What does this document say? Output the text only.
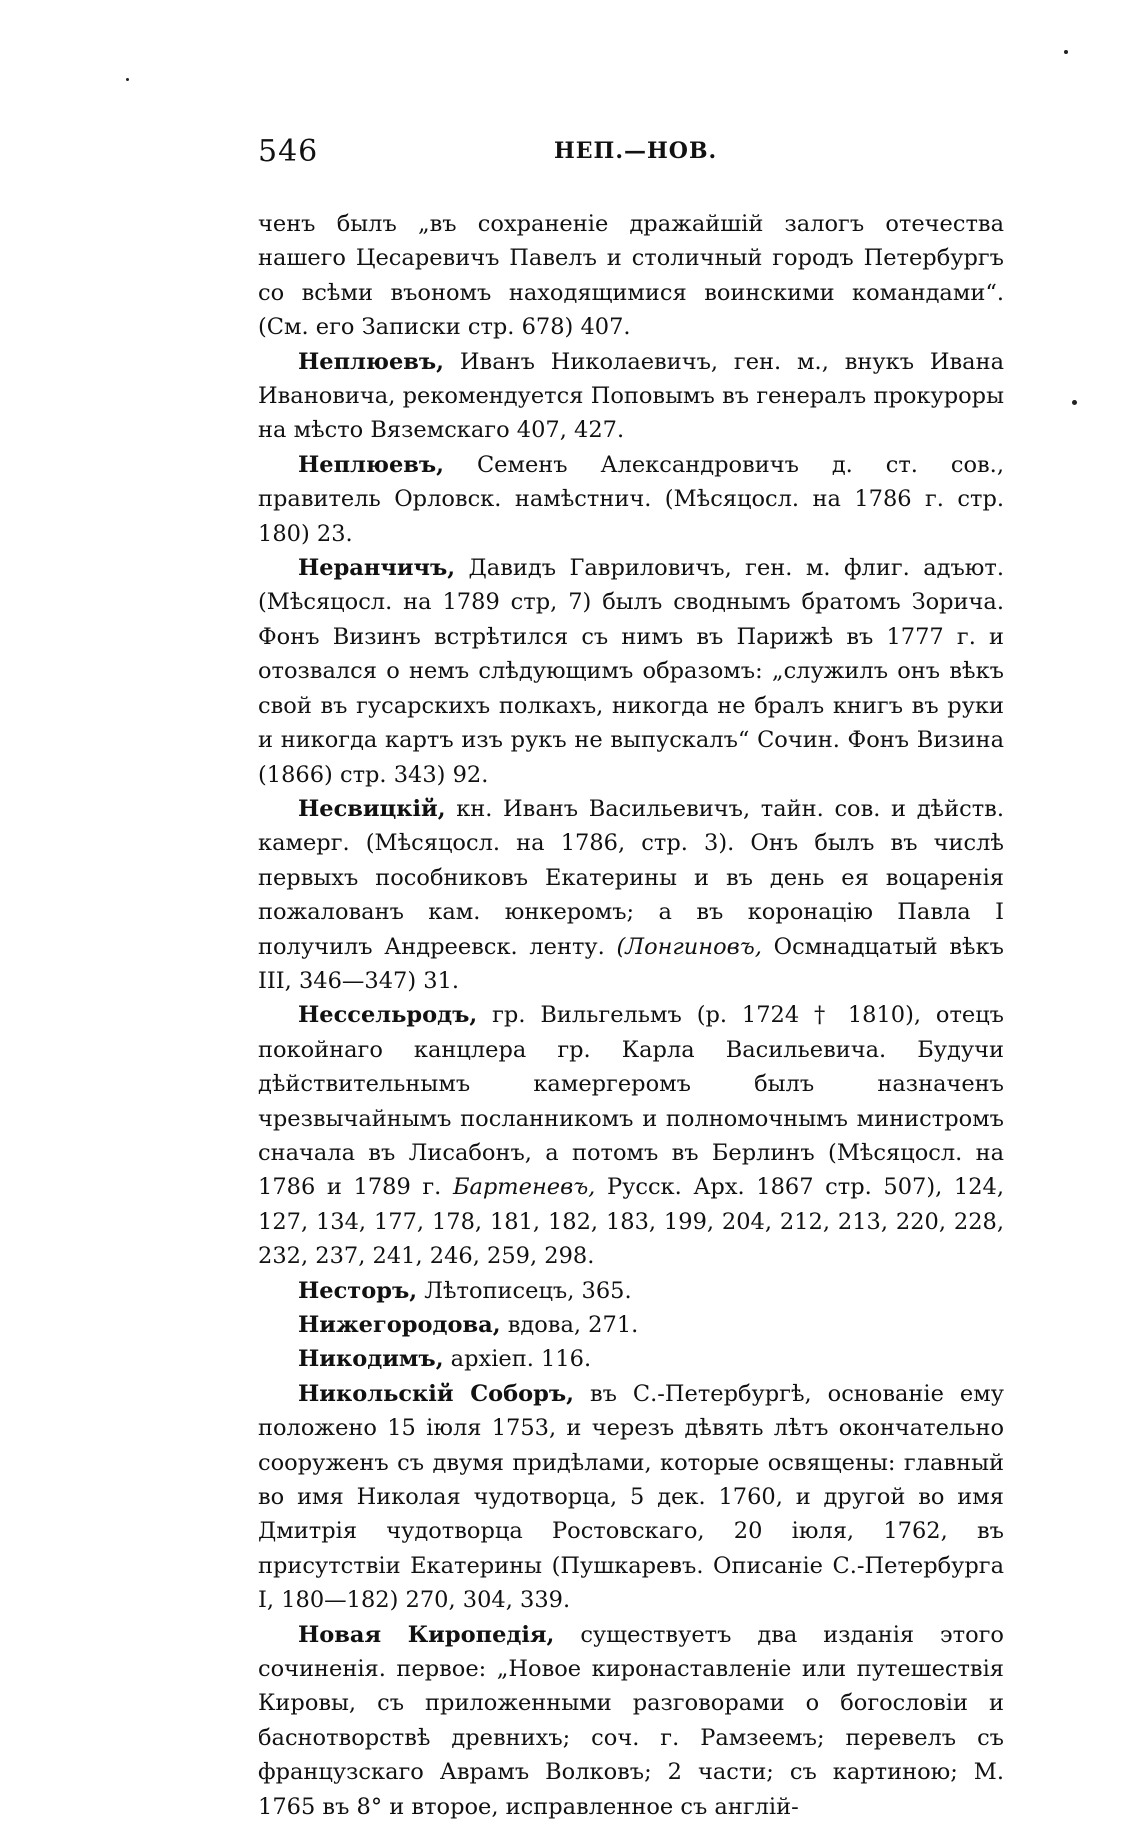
546	НЕП.—НОВ.

ченъ былъ „въ сохраненіе дражайшій залогъ отечества нашего Цесаревичъ Павелъ и столичный городъ Петербургъ со всѣми въономъ находящимися воинскими командами“. (См. его Записки стр. 678) 407.

Неплюевъ, Иванъ Николаевичъ, ген. м., внукъ Ивана Ивановича, рекомендуется Поповымъ въ генералъ прокуроры на мѣсто Вяземскаго 407, 427.

Неплюевъ, Семенъ Александровичъ д. ст. сов., правитель Орловск. намѣстнич. (Мѣсяцосл. на 1786 г. стр. 180) 23.

Неранчичъ, Давидъ Гавриловичъ, ген. м. флиг. адъют. (Мѣсяцосл. на 1789 стр, 7) былъ своднымъ братомъ Зорича. Фонъ Визинъ встрѣтился съ нимъ въ Парижѣ въ 1777 г. и отозвался о немъ слѣдующимъ образомъ: „служилъ онъ вѣкъ свой въ гусарскихъ полкахъ, никогда не бралъ книгъ въ руки и никогда картъ изъ рукъ не выпускалъ“ Сочин. Фонъ Визина (1866) стр. 343) 92.

Несвицкій, кн. Иванъ Васильевичъ, тайн. сов. и дѣйств. камерг. (Мѣсяцосл. на 1786, стр. 3). Онъ былъ въ числѣ первыхъ пособниковъ Екатерины и въ день ея воцаренія пожалованъ кам. юнкеромъ; а въ коронацію Павла I получилъ Андреевск. ленту. (Лонгиновъ, Осмнадцатый вѣкъ III, 346—347) 31.

Нессельродъ, гр. Вильгельмъ (р. 1724 † 1810), отецъ покойнаго канцлера гр. Карла Васильевича. Будучи дѣйствительнымъ камергеромъ былъ назначенъ чрезвычайнымъ посланникомъ и полномочнымъ министромъ сначала въ Лисабонъ, а потомъ въ Берлинъ (Мѣсяцосл. на 1786 и 1789 г. Бартеневъ, Русск. Арх. 1867 стр. 507), 124, 127, 134, 177, 178, 181, 182, 183, 199, 204, 212, 213, 220, 228, 232, 237, 241, 246, 259, 298.

Несторъ, Лѣтописецъ, 365.

Нижегородова, вдова, 271.

Никодимъ, архіеп. 116.

Никольскій Соборъ, въ С.-Петербургѣ, основаніе ему положено 15 іюля 1753, и черезъ дѣвять лѣтъ окончательно сооруженъ съ двумя придѣлами, которые освящены: главный во имя Николая чудотворца, 5 дек. 1760, и другой во имя Дмитрія чудотворца Ростовскаго, 20 іюля, 1762, въ присутствіи Екатерины (Пушкаревъ. Описаніе С.-Петербурга I, 180—182) 270, 304, 339.

Новая Киропедія, существуетъ два изданія этого сочиненія. первое: „Новое киронаставленіе или путешествія Кировы, съ приложенными разговорами о богословіи и баснотворствѣ древнихъ; соч. г. Рамзеемъ; перевелъ съ французскаго Аврамъ Волковъ; 2 части; съ картиною; М. 1765 въ 8° и второе, исправленное съ англій-
